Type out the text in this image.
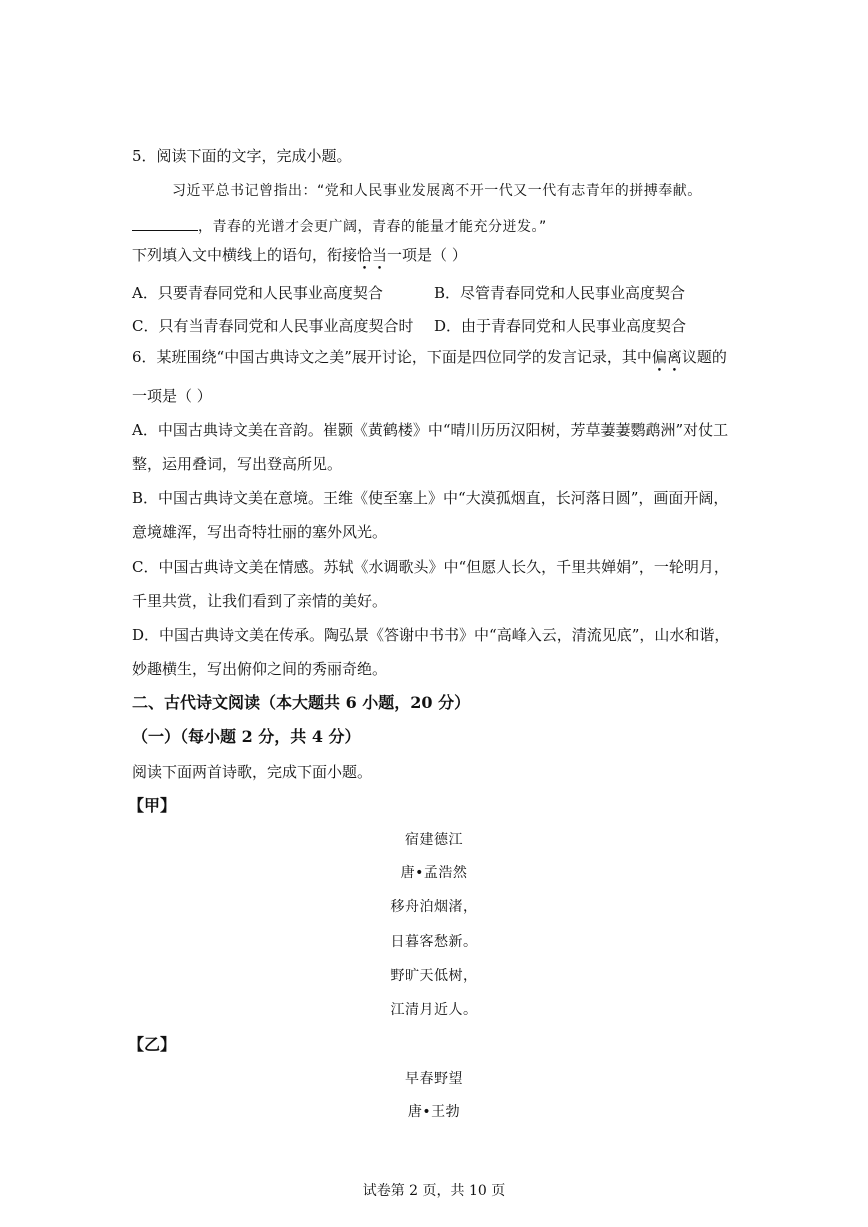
5．阅读下面的文字，完成小题。
习近平总书记曾指出：“党和人民事业发展离不开一代又一代有志青年的拼搏奉献。
，青春的光谱才会更广阔，青春的能量才能充分迸发。”
下列填入文中横线上的语句，衔接恰当一项是（ ）
A．只要青春同党和人民事业高度契合	B．尽管青春同党和人民事业高度契合
C．只有当青春同党和人民事业高度契合时 D．由于青春同党和人民事业高度契合
6．某班围绕“中国古典诗文之美”展开讨论，下面是四位同学的发言记录，其中偏离议题的
一项是（ ）
A．中国古典诗文美在音韵。崔颢《黄鹤楼》中“晴川历历汉阳树，芳草萋萋鹦鹉洲”对仗工
整，运用叠词，写出登高所见。
B．中国古典诗文美在意境。王维《使至塞上》中“大漠孤烟直，长河落日圆”，画面开阔，
意境雄浑，写出奇特壮丽的塞外风光。
C．中国古典诗文美在情感。苏轼《水调歌头》中“但愿人长久，千里共婵娟”，一轮明月，
千里共赏，让我们看到了亲情的美好。
D．中国古典诗文美在传承。陶弘景《答谢中书书》中“高峰入云，清流见底”，山水和谐，
妙趣横生，写出俯仰之间的秀丽奇绝。
二、古代诗文阅读（本大题共 6 小题，20 分）
（一）（每小题 2 分，共 4 分）
阅读下面两首诗歌，完成下面小题。
【甲】
宿建德江
唐•孟浩然
移舟泊烟渚，
日暮客愁新。
野旷天低树，
江清月近人。
【乙】
早春野望
唐•王勃
试卷第 2 页，共 10 页
